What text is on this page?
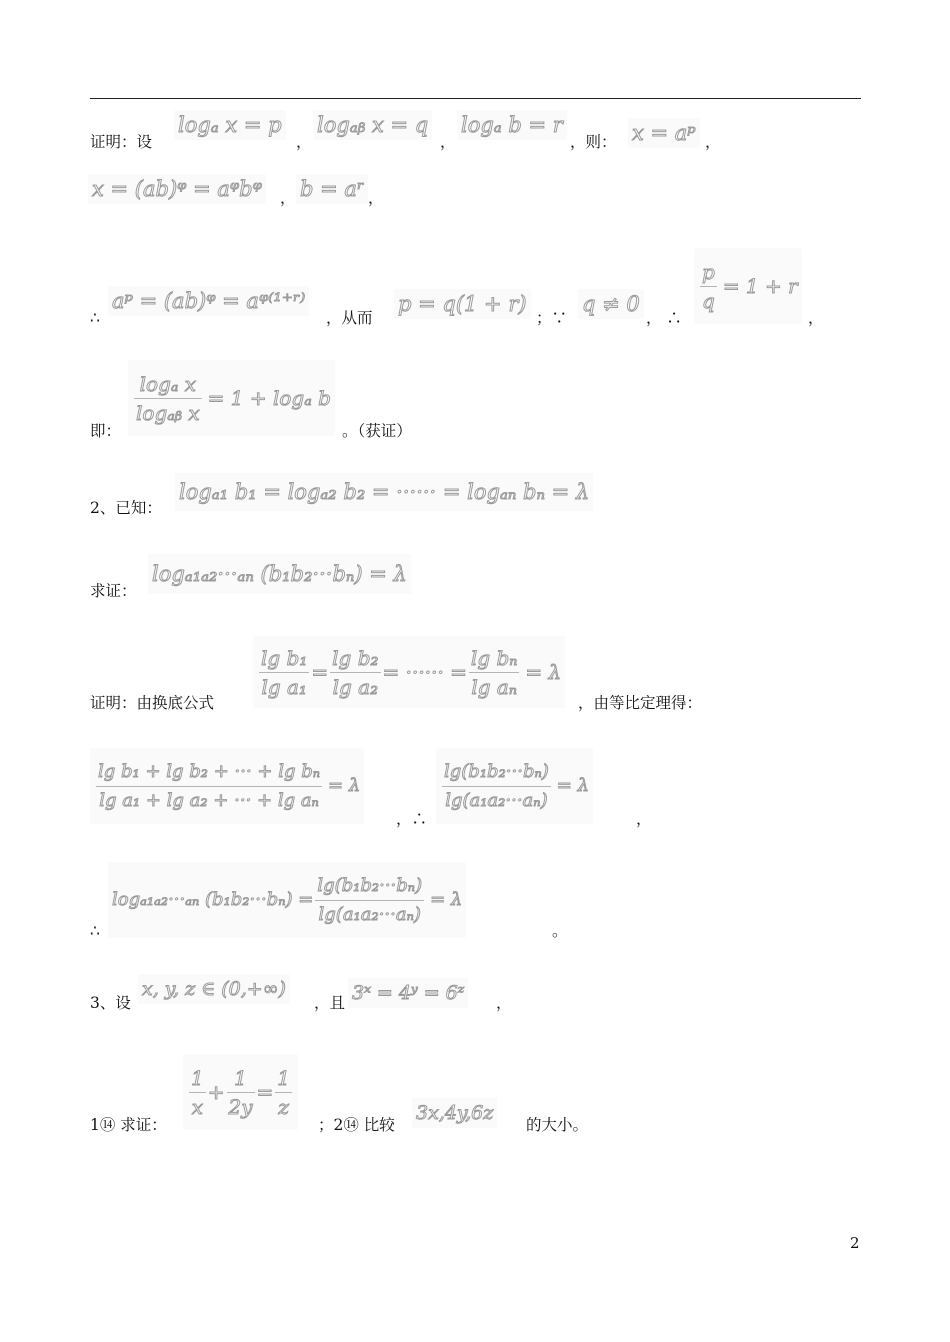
证明：设
logₐ x = p
，
logₐᵦ x = q
，
logₐ b = r
，则： x = aᵖ ，
x = (ab)ᵠ = aᵠbᵠ ， b = aʳ ，
∴
aᵖ = (ab)ᵠ = aᵠ⁽¹⁺ʳ⁾
，从而
p = q(1 + r)
；∵
q ≠ 0
， ∴
$\frac{p}{q} = 1 + r$
，
即：
$\frac{\text{logₐ x}}{\text{logₐᵦ x}} = 1 + \log_a$ b
。（获证）
2、已知：
logₐ₁ b₁ = logₐ₂ b₂ = ······ = logₐₙ bₙ = λ
求证：
logₐ₁ₐ₂···ₐₙ (b₁b₂···bₙ) = λ
证明：由换底公式
$\frac{\text{lg b₁}}{\text{lg a₁}} = \frac{\text{lg b₂}}{\text{lg a₂}}$ = ······ = $\frac{\text{lg bₙ}}{\text{lg aₙ}} = \lambda$
，由等比定理得：
$\frac{\text{lg b₁ + lg b₂ + ··· + lg bₙ}}{\text{lg a₁ + lg a₂ + ··· + lg aₙ}} = \lambda$
，∴
$\frac{\text{lg(b₁b₂···bₙ)}}{\text{lg(a₁a₂···aₙ)}} = \lambda$
，
∴
logₐ₁ₐ₂···ₐₙ $(b_1b_2\cdot\cdot\cdot b_n) = \frac{\text{lg(b₁b₂···bₙ)}}{\text{lg(a₁a₂···aₙ)}} = \lambda$
。
3、设
x, y, z ∈ (0,+∞)
，且 3ˣ = 4ʸ = 6ᶻ ，
1⑭ 求证：
$\frac{1}{x} + \frac{1}{2y} = \frac{1}{z}$
；2⑭ 比较
3x,4y,6z
的大小。
2
